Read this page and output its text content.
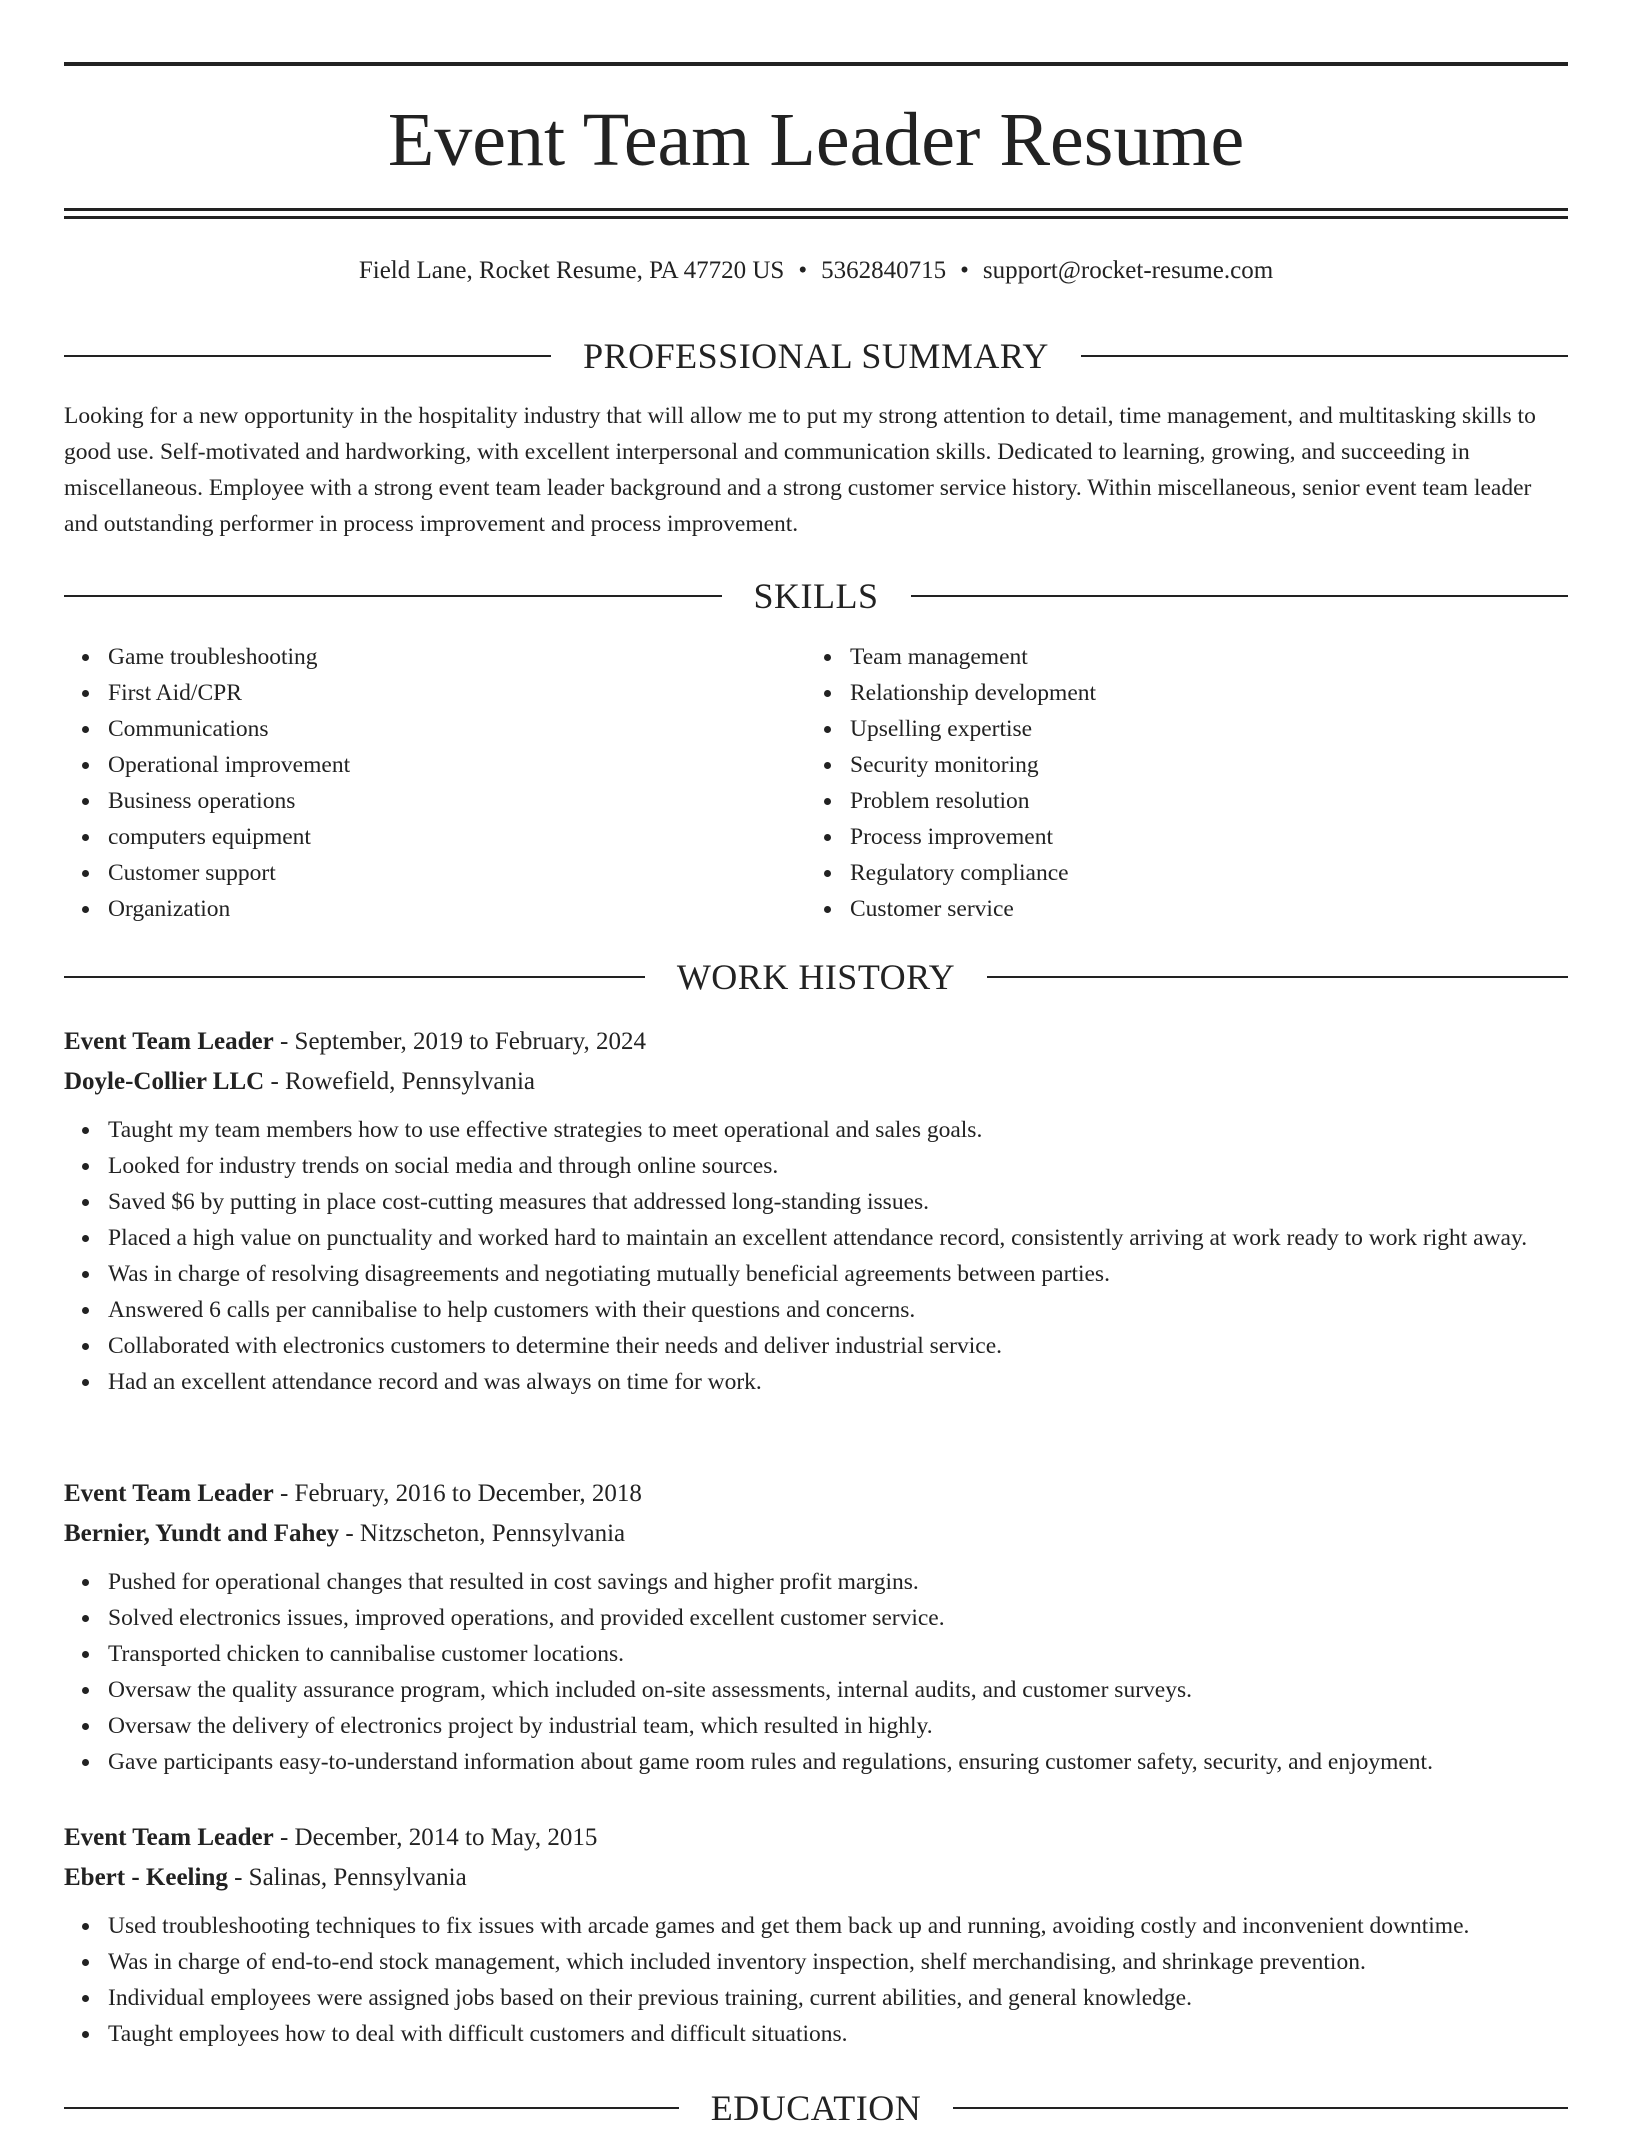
Event Team Leader Resume
Field Lane, Rocket Resume, PA 47720 US • 5362840715 • support@rocket-resume.com
PROFESSIONAL SUMMARY

Looking for a new opportunity in the hospitality industry that will allow me to put my strong attention to detail, time management, and multitasking skills to good use. Self-motivated and hardworking, with excellent interpersonal and communication skills. Dedicated to learning, growing, and succeeding in miscellaneous. Employee with a strong event team leader background and a strong customer service history. Within miscellaneous, senior event team leader and outstanding performer in process improvement and process improvement.

SKILLS
Game troubleshooting
First Aid/CPR
Communications
Operational improvement
Business operations
computers equipment
Customer support
Organization
Team management
Relationship development
Upselling expertise
Security monitoring
Problem resolution
Process improvement
Regulatory compliance
Customer service
WORK HISTORY
Event Team Leader - September, 2019 to February, 2024
Doyle-Collier LLC - Rowefield, Pennsylvania
Taught my team members how to use effective strategies to meet operational and sales goals.
Looked for industry trends on social media and through online sources.
Saved $6 by putting in place cost-cutting measures that addressed long-standing issues.
Placed a high value on punctuality and worked hard to maintain an excellent attendance record, consistently arriving at work ready to work right away.
Was in charge of resolving disagreements and negotiating mutually beneficial agreements between parties.
Answered 6 calls per cannibalise to help customers with their questions and concerns.
Collaborated with electronics customers to determine their needs and deliver industrial service.
Had an excellent attendance record and was always on time for work.
Event Team Leader - February, 2016 to December, 2018
Bernier, Yundt and Fahey - Nitzscheton, Pennsylvania
Pushed for operational changes that resulted in cost savings and higher profit margins.
Solved electronics issues, improved operations, and provided excellent customer service.
Transported chicken to cannibalise customer locations.
Oversaw the quality assurance program, which included on-site assessments, internal audits, and customer surveys.
Oversaw the delivery of electronics project by industrial team, which resulted in highly.
Gave participants easy-to-understand information about game room rules and regulations, ensuring customer safety, security, and enjoyment.
Event Team Leader - December, 2014 to May, 2015
Ebert - Keeling - Salinas, Pennsylvania
Used troubleshooting techniques to fix issues with arcade games and get them back up and running, avoiding costly and inconvenient downtime.
Was in charge of end-to-end stock management, which included inventory inspection, shelf merchandising, and shrinkage prevention.
Individual employees were assigned jobs based on their previous training, current abilities, and general knowledge.
Taught employees how to deal with difficult customers and difficult situations.
EDUCATION
